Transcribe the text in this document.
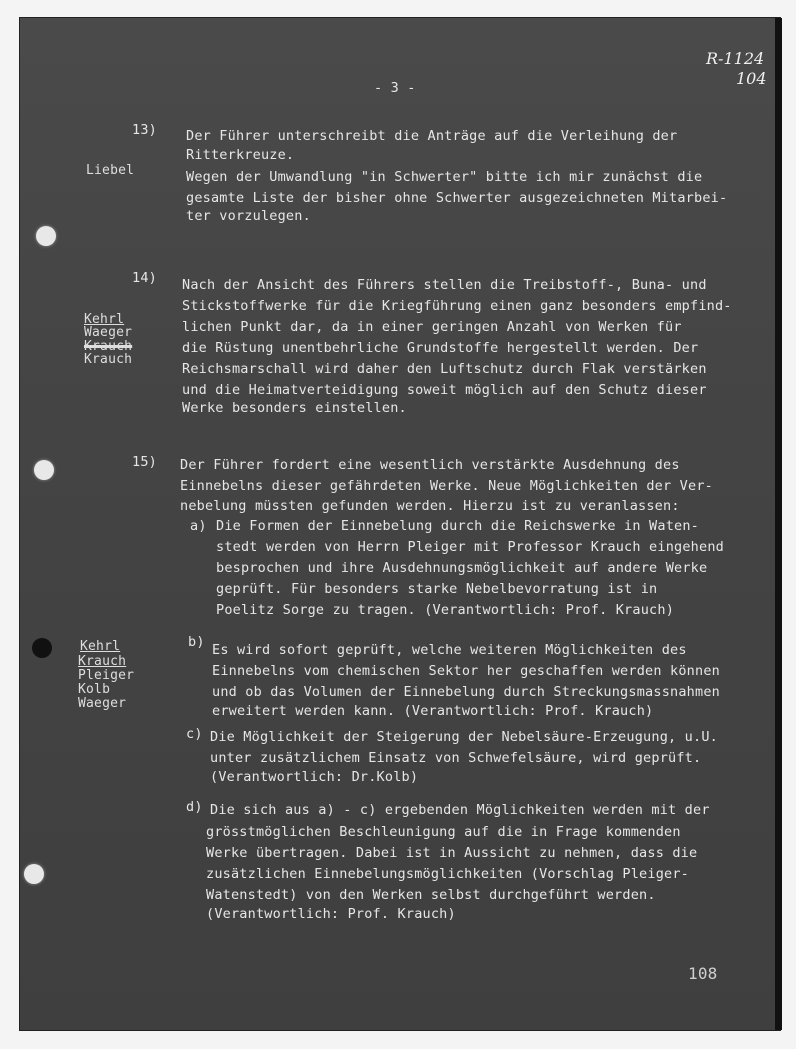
- 3 -
R-1124
104
13) Der Führer unterschreibt die Anträge auf die Verleihung der
Ritterkreuze.
Wegen der Umwandlung "in Schwerter" bitte ich mir zunächst die
gesamte Liste der bisher ohne Schwerter ausgezeichneten Mitarbei-
ter vorzulegen.
Liebel
14) Nach der Ansicht des Führers stellen die Treibstoff-, Buna- und
Stickstoffwerke für die Kriegführung einen ganz besonders empfind-
lichen Punkt dar, da in einer geringen Anzahl von Werken für
die Rüstung unentbehrliche Grundstoffe hergestellt werden. Der
Reichsmarschall wird daher den Luftschutz durch Flak verstärken
und die Heimatverteidigung soweit möglich auf den Schutz dieser
Werke besonders einstellen.
Kehrl
Waeger
Krauch
Krauch
15) Der Führer fordert eine wesentlich verstärkte Ausdehnung des
Einnebelns dieser gefährdeten Werke. Neue Möglichkeiten der Ver-
nebelung müssten gefunden werden. Hierzu ist zu veranlassen:
Kehrl
Krauch
Pleiger
Kolb
Waeger
a) Die Formen der Einnebelung durch die Reichswerke in Waten-
stedt werden von Herrn Pleiger mit Professor Krauch eingehend
besprochen und ihre Ausdehnungsmöglichkeit auf andere Werke
geprüft. Für besonders starke Nebelbevorratung ist in
Poelitz Sorge zu tragen. (Verantwortlich: Prof. Krauch)
b) Es wird sofort geprüft, welche weiteren Möglichkeiten des
Einnebelns vom chemischen Sektor her geschaffen werden können
und ob das Volumen der Einnebelung durch Streckungsmassnahmen
erweitert werden kann. (Verantwortlich: Prof. Krauch)
c) Die Möglichkeit der Steigerung der Nebelsäure-Erzeugung, u.U.
unter zusätzlichem Einsatz von Schwefelsäure, wird geprüft.
(Verantwortlich: Dr.Kolb)
d) Die sich aus a) - c) ergebenden Möglichkeiten werden mit der
grösstmöglichen Beschleunigung auf die in Frage kommenden
Werke übertragen. Dabei ist in Aussicht zu nehmen, dass die
zusätzlichen Einnebelungsmöglichkeiten (Vorschlag Pleiger-
Watenstedt) von den Werken selbst durchgeführt werden.
(Verantwortlich: Prof. Krauch)
108
